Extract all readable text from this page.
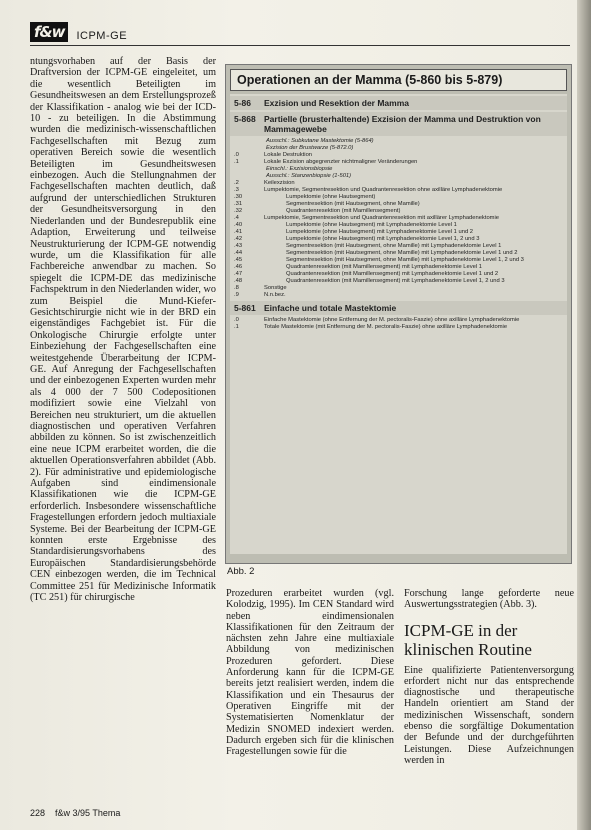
f&w	ICPM-GE

ntungsvorhaben auf der Basis der Draftversion der ICPM-GE eingeleitet, um die wesentlich Beteiligten im Gesundheitswesen an dem Erstellungsprozeß der Klassifikation - analog wie bei der ICD-10 - zu beteiligen. In die Abstimmung wurden die medizinisch-wissenschaftlichen Fachgesellschaften mit Bezug zum operativen Bereich sowie die wesentlich Beteiligten im Gesundheitswesen einbezogen. Auch die Stellungnahmen der Fachgesellschaften machten deutlich, daß aufgrund der unterschiedlichen Strukturen der Gesundheitsversorgung in den Niederlanden und der Bundesrepublik eine Adaption, Erweiterung und teilweise Neustrukturierung der ICPM-GE notwendig wurde, um die Klassifikation für alle Fachbereiche anwendbar zu machen. So spiegelt die ICPM-DE das medizinische Fachspektrum in den Niederlanden wider, wo zum Beispiel die Mund-Kiefer-Gesichtschirurgie nicht wie in der BRD ein eigenständiges Fachgebiet ist. Für die Onkologische Chirurgie erfolgte unter Einbeziehung der Fachgesellschaften eine weitestgehende Überarbeitung der ICPM-GE. Auf Anregung der Fachgesellschaften und der einbezogenen Experten wurden mehr als 4 000 der 7 500 Codepositionen modifiziert sowie eine Vielzahl von Bereichen neu strukturiert, um die aktuellen diagnostischen und operativen Verfahren abbilden zu können. So ist zwischenzeitlich eine neue ICPM erarbeitet worden, die die aktuellen Operationsverfahren abbildet (Abb. 2). Für administrative und epidemiologische Aufgaben sind eindimensionale Klassifikationen wie die ICPM-GE erforderlich. Insbesondere wissenschaftliche Fragestellungen erfordern jedoch multiaxiale Systeme. Bei der Bearbeitung der ICPM-GE konnten erste Ergebnisse des Standardisierungsvorhabens des Europäischen Standardisierungsbehörde CEN einbezogen werden, die im Technical Committee 251 für Medizinische Informatik (TC 251) für chirurgische

Operationen an der Mamma (5-860 bis 5-879)
5-86	Exzision und Resektion der Mamma
5-868 Partielle (brusterhaltende) Exzision der Mamma und Destruktion von Mammagewebe
Ausschl.: Subkutane Mastektomie (5-864)
Exzision der Brustwarze (5-872.0)
.0	Lokale Destruktion
.1	Lokale Exzision abgegrenzter nichtmaligner Veränderungen
Einschl.: Exzisionsbiopsie
Ausschl.: Stanzenbiopsie (1-501)
.2	Keilexzision
.3	Lumpektomie, Segmentresektion und Quadrantenresektion ohne axilläre Lymphadenektomie
.30	Lumpektomie (ohne Hautsegment)
.31	Segmentresektion (mit Hautsegment, ohne Mamille)
.32	Quadrantenresektion (mit Mamillensegment)
.4	Lumpektomie, Segmentresektion und Quadrantenresektion mit axillärer Lymphadenektomie
.40	Lumpektomie (ohne Hautsegment) mit Lymphadenektomie Level 1
.41	Lumpektomie (ohne Hautsegment) mit Lymphadenektomie Level 1 und 2
.42	Lumpektomie (ohne Hautsegment) mit Lymphadenektomie Level 1, 2 und 3
.43	Segmentresektion (mit Hautsegment, ohne Mamille) mit Lymphadenektomie Level 1
.44	Segmentresektion (mit Hautsegment, ohne Mamille) mit Lymphadenektomie Level 1 und 2
.45	Segmentresektion (mit Hautsegment, ohne Mamille) mit Lymphadenektomie Level 1, 2 und 3
.46	Quadrantenresektion (mit Mamillensegment) mit Lymphadenektomie Level 1
.47	Quadrantenresektion (mit Mamillensegment) mit Lymphadenektomie Level 1 und 2
.48	Quadrantenresektion (mit Mamillensegment) mit Lymphadenektomie Level 1, 2 und 3
.8	Sonstige
.9	N.n.bez.
5-861 Einfache und totale Mastektomie
.0	Einfache Mastektomie (ohne Entfernung der M. pectoralis-Faszie) ohne axilläre Lymphadenektomie
.1	Totale Mastektomie (mit Entfernung der M. pectoralis-Faszie) ohne axilläre Lymphadenektomie
Abb. 2
Prozeduren erarbeitet wurden (vgl. Kolodzig, 1995). Im CEN Standard wird neben eindimensionalen Klassifikationen für den Zeitraum der nächsten zehn Jahre eine multiaxiale Abbildung von medizinischen Prozeduren gefordert. Diese Anforderung kann für die ICPM-GE bereits jetzt realisiert werden, indem die Klassifikation und ein Thesaurus der Operativen Eingriffe mit der Systematisierten Nomenklatur der Medizin SNOMED indexiert werden. Dadurch ergeben sich für die klinischen Fragestellungen sowie für die

Forschung lange geforderte neue Auswertungsstrategien (Abb. 3).

ICPM-GE in der klinischen Routine

Eine qualifizierte Patientenversorgung erfordert nicht nur das entsprechende diagnostische und therapeutische Handeln orientiert am Stand der medizinischen Wissenschaft, sondern ebenso die sorgfältige Dokumentation der Befunde und der durchgeführten Leistungen. Diese Aufzeichnungen werden in

228 f&w 3/95 Thema
